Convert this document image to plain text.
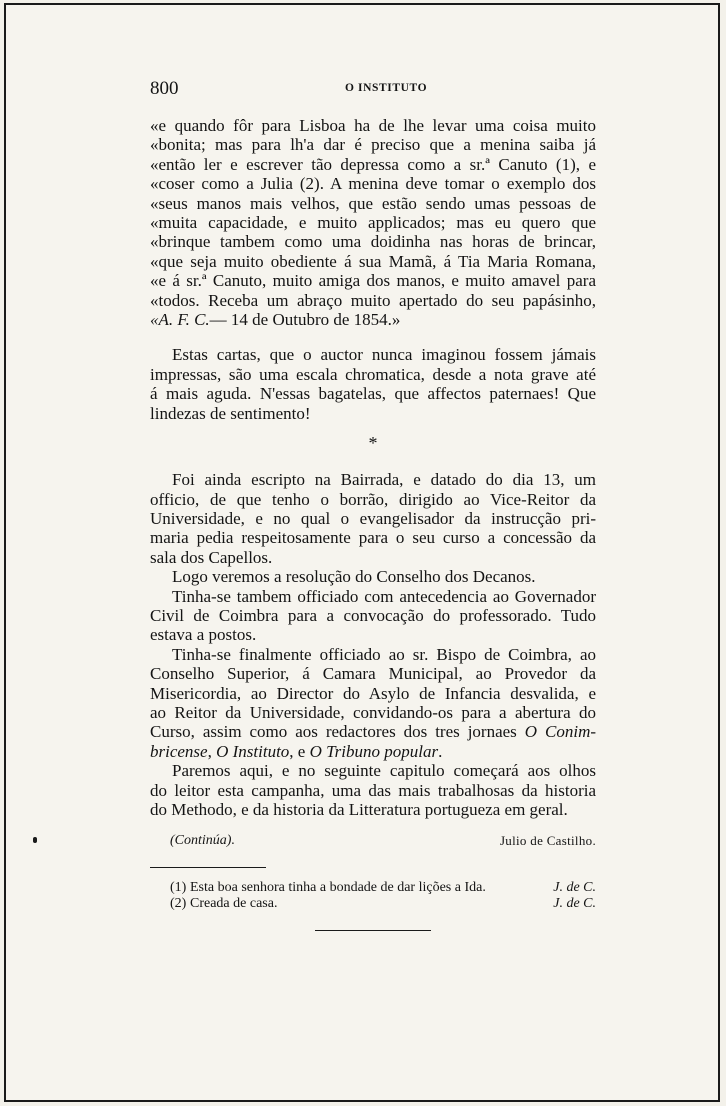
800	O INSTITUTO

«e quando fôr para Lisboa ha de lhe levar uma coisa muito
«bonita; mas para lh'a dar é preciso que a menina saiba já
«então ler e escrever tão depressa como a sr.ª Canuto (1), e
«coser como a Julia (2). A menina deve tomar o exemplo dos
«seus manos mais velhos, que estão sendo umas pessoas de
«muita capacidade, e muito applicados; mas eu quero que
«brinque tambem como uma doidinha nas horas de brincar,
«que seja muito obediente á sua Mamã, á Tia Maria Romana,
«e á sr.ª Canuto, muito amiga dos manos, e muito amavel para
«todos. Receba um abraço muito apertado do seu papásinho,
«A. F. C.— 14 de Outubro de 1854.»

Estas cartas, que o auctor nunca imaginou fossem jámais
impressas, são uma escala chromatica, desde a nota grave até
á mais aguda. N'essas bagatelas, que affectos paternaes! Que
lindezas de sentimento!

*

Foi ainda escripto na Bairrada, e datado do dia 13, um
officio, de que tenho o borrão, dirigido ao Vice-Reitor da
Universidade, e no qual o evangelisador da instrucção pri-
maria pedia respeitosamente para o seu curso a concessão da
sala dos Capellos.
Logo veremos a resolução do Conselho dos Decanos.
Tinha-se tambem officiado com antecedencia ao Governador
Civil de Coimbra para a convocação do professorado. Tudo
estava a postos.
Tinha-se finalmente officiado ao sr. Bispo de Coimbra, ao
Conselho Superior, á Camara Municipal, ao Provedor da
Misericordia, ao Director do Asylo de Infancia desvalida, e
ao Reitor da Universidade, convidando-os para a abertura do
Curso, assim como aos redactores dos tres jornaes O Conim-
bricense, O Instituto, e O Tribuno popular.
Paremos aqui, e no seguinte capitulo começará aos olhos
do leitor esta campanha, uma das mais trabalhosas da historia
do Methodo, e da historia da Litteratura portugueza em geral.

(Continúa).	Julio de Castilho.
(1) Esta boa senhora tinha a bondade de dar lições a Ida.	J. de C.
(2) Creada de casa.	J. de C.
